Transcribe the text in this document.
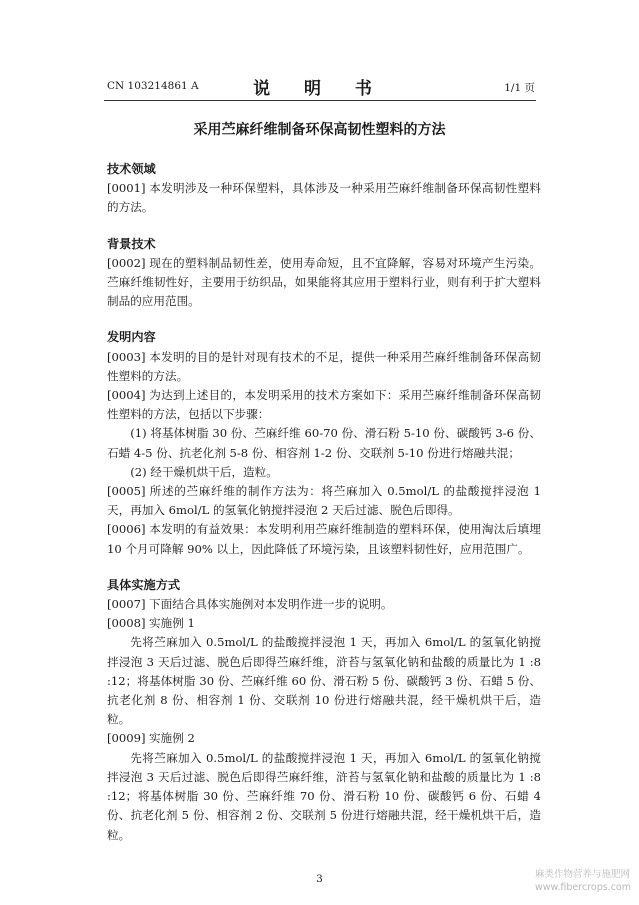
CN 103214861 A	说 明 书	1/1 页
采用苎麻纤维制备环保高韧性塑料的方法
技术领域

[0001] 本发明涉及一种环保塑料，具体涉及一种采用苎麻纤维制备环保高韧性塑料的方法。

背景技术

[0002] 现在的塑料制品韧性差，使用寿命短，且不宜降解，容易对环境产生污染。苎麻纤维韧性好，主要用于纺织品，如果能将其应用于塑料行业，则有利于扩大塑料制品的应用范围。

发明内容

[0003] 本发明的目的是针对现有技术的不足，提供一种采用苎麻纤维制备环保高韧性塑料的方法。

[0004] 为达到上述目的，本发明采用的技术方案如下：采用苎麻纤维制备环保高韧性塑料的方法，包括以下步骤：

(1) 将基体树脂 30 份、苎麻纤维 60-70 份、滑石粉 5-10 份、碳酸钙 3-6 份、石蜡 4-5 份、抗老化剂 5-8 份、相容剂 1-2 份、交联剂 5-10 份进行熔融共混；

(2) 经干燥机烘干后，造粒。

[0005] 所述的苎麻纤维的制作方法为：将苎麻加入 0.5mol/L 的盐酸搅拌浸泡 1 天，再加入 6mol/L 的氢氧化钠搅拌浸泡 2 天后过滤、脱色后即得。

[0006] 本发明的有益效果：本发明利用苎麻纤维制造的塑料环保，使用淘汰后填埋 10 个月可降解 90% 以上，因此降低了环境污染，且该塑料韧性好，应用范围广。

具体实施方式

[0007] 下面结合具体实施例对本发明作进一步的说明。

[0008] 实施例 1

先将苎麻加入 0.5mol/L 的盐酸搅拌浸泡 1 天，再加入 6mol/L 的氢氧化钠搅拌浸泡 3 天后过滤、脱色后即得苎麻纤维，浒苔与氢氧化钠和盐酸的质量比为 1 :8 :12；将基体树脂 30 份、苎麻纤维 60 份、滑石粉 5 份、碳酸钙 3 份、石蜡 5 份、抗老化剂 8 份、相容剂 1 份、交联剂 10 份进行熔融共混，经干燥机烘干后，造粒。

[0009] 实施例 2

先将苎麻加入 0.5mol/L 的盐酸搅拌浸泡 1 天，再加入 6mol/L 的氢氧化钠搅拌浸泡 3 天后过滤、脱色后即得苎麻纤维，浒苔与氢氧化钠和盐酸的质量比为 1 :8 :12；将基体树脂 30 份、苎麻纤维 70 份、滑石粉 10 份、碳酸钙 6 份、石蜡 4 份、抗老化剂 5 份、相容剂 2 份、交联剂 5 份进行熔融共混，经干燥机烘干后，造粒。

3	麻类作物营养与施肥网
www.fibercrops.com
